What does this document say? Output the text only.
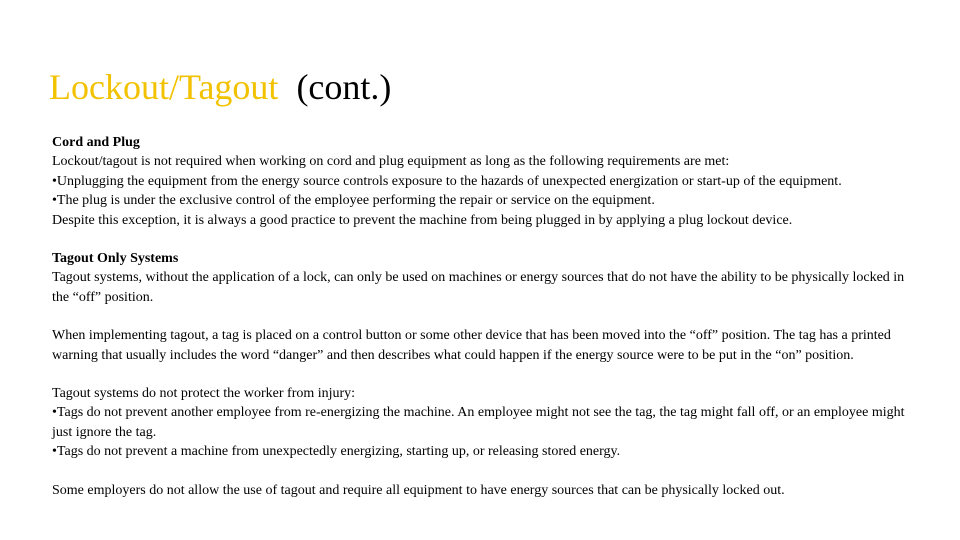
Lockout/Tagout (cont.)

Cord and Plug

Lockout/tagout is not required when working on cord and plug equipment as long as the following requirements are met:

•Unplugging the equipment from the energy source controls exposure to the hazards of unexpected energization or start-up of the equipment.

•The plug is under the exclusive control of the employee performing the repair or service on the equipment.

Despite this exception, it is always a good practice to prevent the machine from being plugged in by applying a plug lockout device.

Tagout Only Systems

Tagout systems, without the application of a lock, can only be used on machines or energy sources that do not have the ability to be physically locked in the “off” position.

When implementing tagout, a tag is placed on a control button or some other device that has been moved into the “off” position. The tag has a printed warning that usually includes the word “danger” and then describes what could happen if the energy source were to be put in the “on” position.

Tagout systems do not protect the worker from injury:

•Tags do not prevent another employee from re-energizing the machine. An employee might not see the tag, the tag might fall off, or an employee might just ignore the tag.

•Tags do not prevent a machine from unexpectedly energizing, starting up, or releasing stored energy.

Some employers do not allow the use of tagout and require all equipment to have energy sources that can be physically locked out.
